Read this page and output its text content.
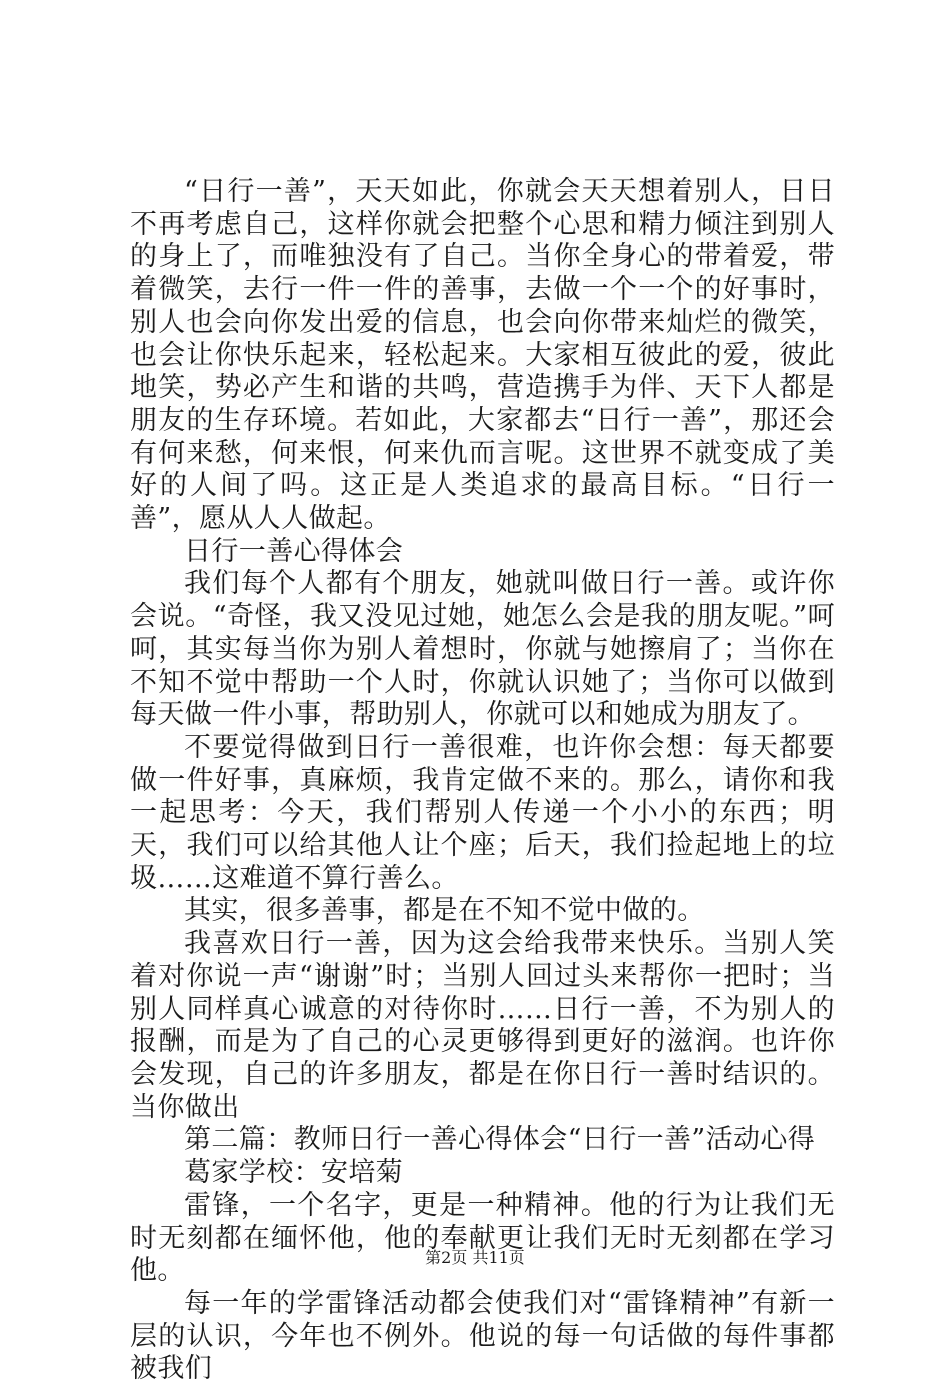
“日行一善”，天天如此，你就会天天想着别人，日日不再考虑自己，这样你就会把整个心思和精力倾注到别人的身上了，而唯独没有了自己。当你全身心的带着爱，带着微笑，去行一件一件的善事，去做一个一个的好事时，别人也会向你发出爱的信息，也会向你带来灿烂的微笑，也会让你快乐起来，轻松起来。大家相互彼此的爱，彼此地笑，势必产生和谐的共鸣，营造携手为伴、天下人都是朋友的生存环境。若如此，大家都去“日行一善”，那还会有何来愁，何来恨，何来仇而言呢。这世界不就变成了美好的人间了吗。这正是人类追求的最高目标。“日行一善”，愿从人人做起。

日行一善心得体会

我们每个人都有个朋友，她就叫做日行一善。或许你会说。“奇怪，我又没见过她，她怎么会是我的朋友呢。”呵呵，其实每当你为别人着想时，你就与她擦肩了；当你在不知不觉中帮助一个人时，你就认识她了；当你可以做到每天做一件小事，帮助别人，你就可以和她成为朋友了。

不要觉得做到日行一善很难，也许你会想：每天都要做一件好事，真麻烦，我肯定做不来的。那么，请你和我一起思考：今天，我们帮别人传递一个小小的东西；明天，我们可以给其他人让个座；后天，我们捡起地上的垃圾……这难道不算行善么。

其实，很多善事，都是在不知不觉中做的。

我喜欢日行一善，因为这会给我带来快乐。当别人笑着对你说一声“谢谢”时；当别人回过头来帮你一把时；当别人同样真心诚意的对待你时……日行一善，不为别人的报酬，而是为了自己的心灵更够得到更好的滋润。也许你会发现，自己的许多朋友，都是在你日行一善时结识的。当你做出

第二篇：教师日行一善心得体会“日行一善”活动心得

葛家学校：安培菊

雷锋，一个名字，更是一种精神。他的行为让我们无时无刻都在缅怀他，他的奉献更让我们无时无刻都在学习他。

每一年的学雷锋活动都会使我们对“雷锋精神”有新一层的认识，今年也不例外。他说的每一句话做的每件事都被我们

第2页 共11页
